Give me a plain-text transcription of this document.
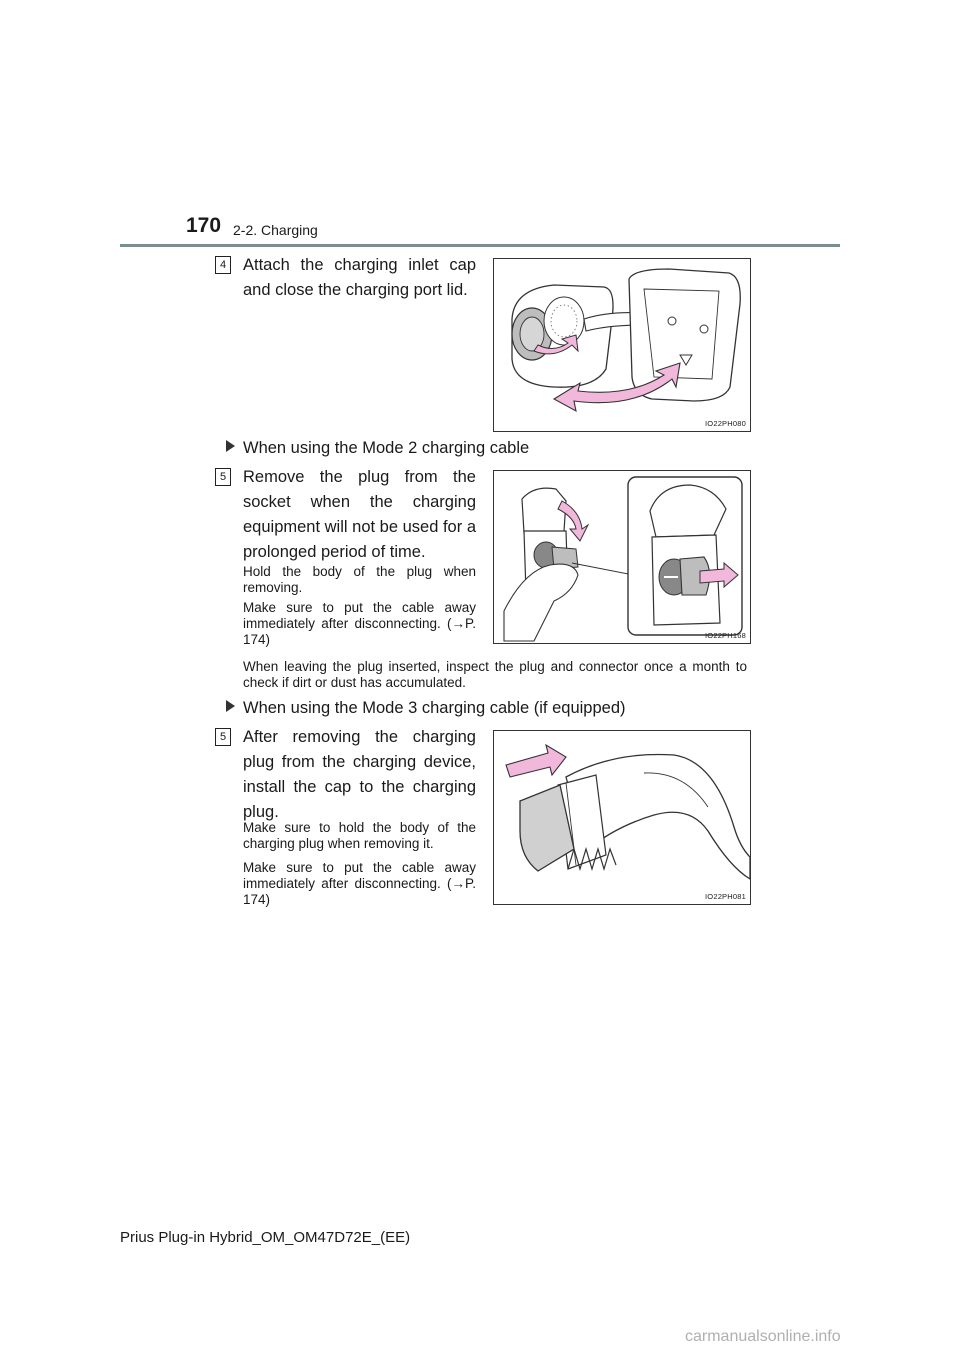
170 2-2. Charging
4 Attach the charging inlet cap and close the charging port lid.
IO22PH080
When using the Mode 2 charging cable
5 Remove the plug from the socket when the charging equipment will not be used for a prolonged period of time.
Hold the body of the plug when removing.
Make sure to put the cable away immediately after disconnecting. (→P. 174)	IO22PH168
When leaving the plug inserted, inspect the plug and connector once a month to check if dirt or dust has accumulated.
When using the Mode 3 charging cable (if equipped)
5 After removing the charging plug from the charging device, install the cap to the charging plug.
Make sure to hold the body of the charging plug when removing it.
Make sure to put the cable away immediately after disconnecting. (→P. 174)	IO22PH081
Prius Plug-in Hybrid_OM_OM47D72E_(EE)
carmanualsonline.info
